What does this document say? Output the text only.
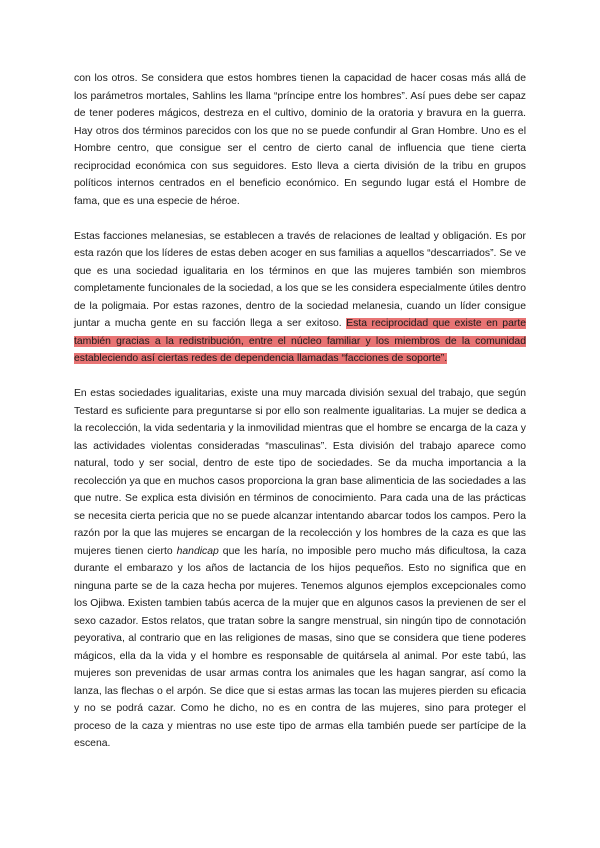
con los otros. Se considera que estos hombres tienen la capacidad de hacer cosas más allá de los parámetros mortales, Sahlins les llama “príncipe entre los hombres”. Así pues debe ser capaz de tener poderes mágicos, destreza en el cultivo, dominio de la oratoria y bravura en la guerra. Hay otros dos términos parecidos con los que no se puede confundir al Gran Hombre. Uno es el Hombre centro, que consigue ser el centro de cierto canal de influencia que tiene cierta reciprocidad económica con sus seguidores. Esto lleva a cierta división de la tribu en grupos políticos internos centrados en el beneficio económico. En segundo lugar está el Hombre de fama, que es una especie de héroe.

Estas facciones melanesias, se establecen a través de relaciones de lealtad y obligación. Es por esta razón que los líderes de estas deben acoger en sus familias a aquellos “descarriados”. Se ve que es una sociedad igualitaria en los términos en que las mujeres también son miembros completamente funcionales de la sociedad, a los que se les considera especialmente útiles dentro de la poligmaia. Por estas razones, dentro de la sociedad melanesia, cuando un líder consigue juntar a mucha gente en su facción llega a ser exitoso. Esta reciprocidad que existe en parte también gracias a la redistribución, entre el núcleo familiar y los miembros de la comunidad estableciendo así ciertas redes de dependencia llamadas “facciones de soporte”.

En estas sociedades igualitarias, existe una muy marcada división sexual del trabajo, que según Testard es suficiente para preguntarse si por ello son realmente igualitarias. La mujer se dedica a la recolección, la vida sedentaria y la inmovilidad mientras que el hombre se encarga de la caza y las actividades violentas consideradas “masculinas”. Esta división del trabajo aparece como natural, todo y ser social, dentro de este tipo de sociedades. Se da mucha importancia a la recolección ya que en muchos casos proporciona la gran base alimenticia de las sociedades a las que nutre. Se explica esta división en términos de conocimiento. Para cada una de las prácticas se necesita cierta pericia que no se puede alcanzar intentando abarcar todos los campos. Pero la razón por la que las mujeres se encargan de la recolección y los hombres de la caza es que las mujeres tienen cierto handicap que les haría, no imposible pero mucho más dificultosa, la caza durante el embarazo y los años de lactancia de los hijos pequeños. Esto no significa que en ninguna parte se de la caza hecha por mujeres. Tenemos algunos ejemplos excepcionales como los Ojibwa. Existen tambien tabús acerca de la mujer que en algunos casos la previenen de ser el sexo cazador. Estos relatos, que tratan sobre la sangre menstrual, sin ningún tipo de connotación peyorativa, al contrario que en las religiones de masas, sino que se considera que tiene poderes mágicos, ella da la vida y el hombre es responsable de quitársela al animal. Por este tabú, las mujeres son prevenidas de usar armas contra los animales que les hagan sangrar, así como la lanza, las flechas o el arpón. Se dice que si estas armas las tocan las mujeres pierden su eficacia y no se podrá cazar. Como he dicho, no es en contra de las mujeres, sino para proteger el proceso de la caza y mientras no use este tipo de armas ella también puede ser partícipe de la escena.
